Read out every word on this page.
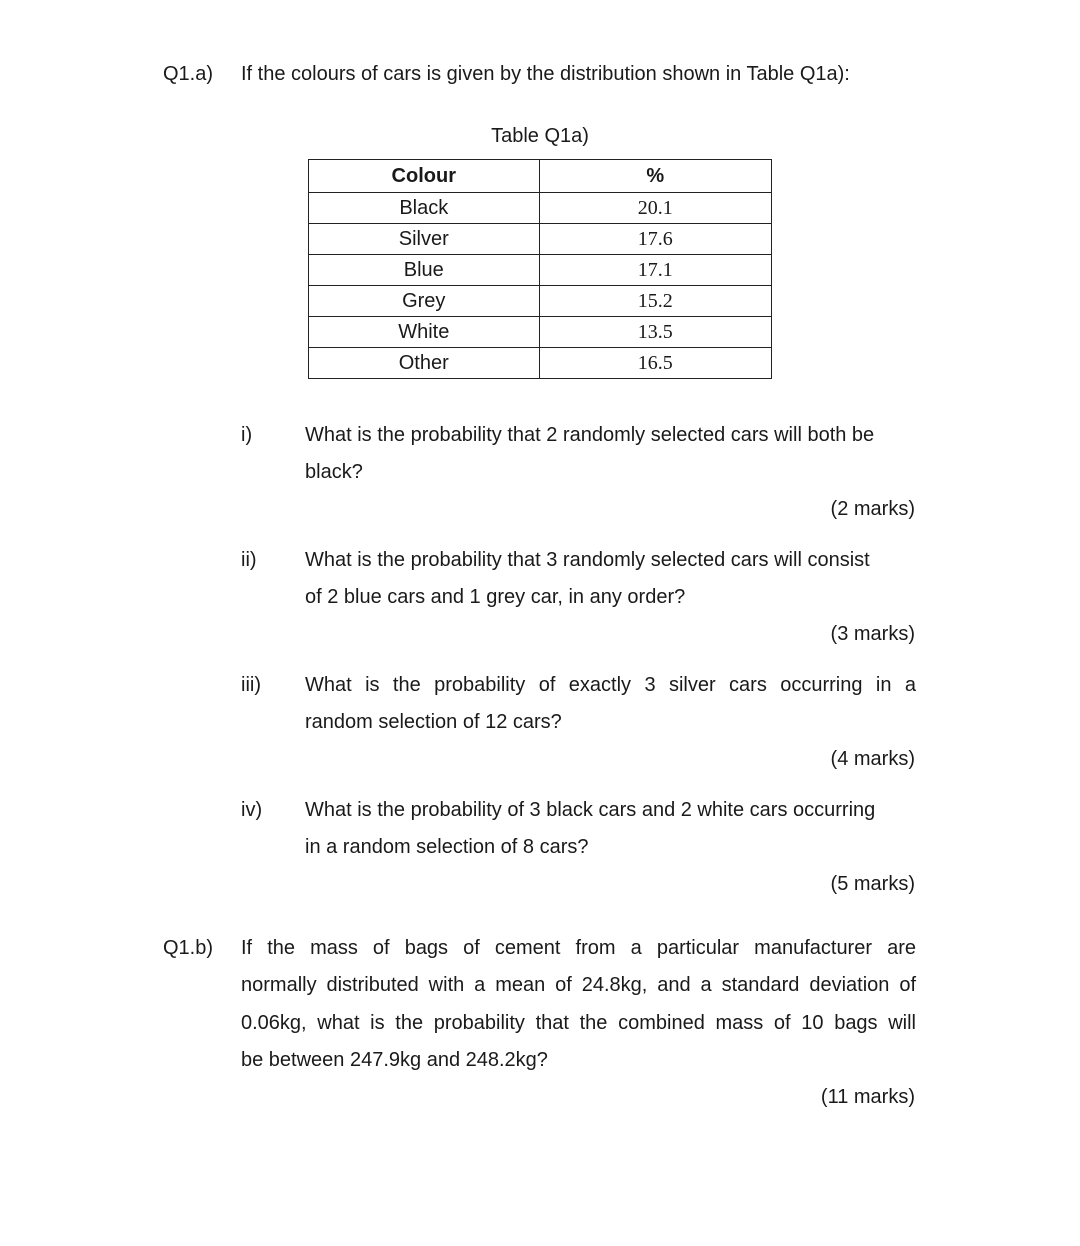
Q1.a) If the colours of cars is given by the distribution shown in Table Q1a):
Table Q1a)
Colour	%
Black	20.1
Silver	17.6
Blue	17.1
Grey	15.2
White	13.5
Other	16.5
i)	What is the probability that 2 randomly selected cars will both be
black?
(2 marks)
ii) What is the probability that 3 randomly selected cars will consist
of 2 blue cars and 1 grey car, in any order?
(3 marks)
iii) What is the probability of exactly 3 silver cars occurring in a
random selection of 12 cars?
(4 marks)
iv) What is the probability of 3 black cars and 2 white cars occurring
in a random selection of 8 cars?
(5 marks)
Q1.b) If the mass of bags of cement from a particular manufacturer are
normally distributed with a mean of 24.8kg, and a standard deviation of
0.06kg, what is the probability that the combined mass of 10 bags will
be between 247.9kg and 248.2kg?
(11 marks)
